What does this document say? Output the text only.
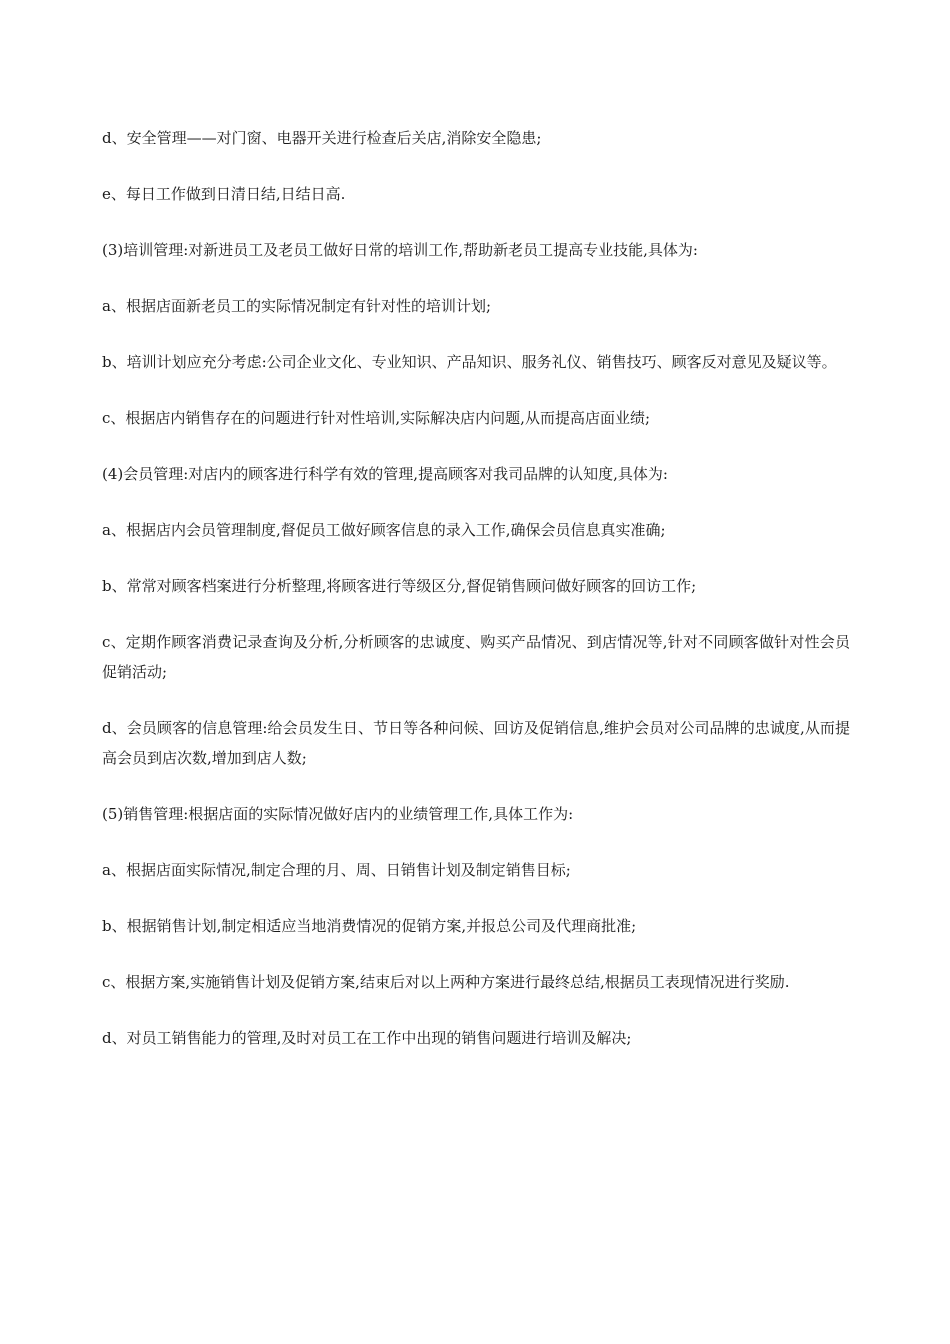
d、安全管理——对门窗、电器开关进行检查后关店,消除安全隐患;

e、每日工作做到日清日结,日结日高.

(3)培训管理:对新进员工及老员工做好日常的培训工作,帮助新老员工提高专业技能,具体为:

a、根据店面新老员工的实际情况制定有针对性的培训计划;

b、培训计划应充分考虑:公司企业文化、专业知识、产品知识、服务礼仪、销售技巧、顾客反对意见及疑议等。

c、根据店内销售存在的问题进行针对性培训,实际解决店内问题,从而提高店面业绩;

(4)会员管理:对店内的顾客进行科学有效的管理,提高顾客对我司品牌的认知度,具体为:

a、根据店内会员管理制度,督促员工做好顾客信息的录入工作,确保会员信息真实准确;

b、常常对顾客档案进行分析整理,将顾客进行等级区分,督促销售顾问做好顾客的回访工作;

c、定期作顾客消费记录查询及分析,分析顾客的忠诚度、购买产品情况、到店情况等,针对不同顾客做针对性会员促销活动;

d、会员顾客的信息管理:给会员发生日、节日等各种问候、回访及促销信息,维护会员对公司品牌的忠诚度,从而提高会员到店次数,增加到店人数;

(5)销售管理:根据店面的实际情况做好店内的业绩管理工作,具体工作为:

a、根据店面实际情况,制定合理的月、周、日销售计划及制定销售目标;

b、根据销售计划,制定相适应当地消费情况的促销方案,并报总公司及代理商批准;

c、根据方案,实施销售计划及促销方案,结束后对以上两种方案进行最终总结,根据员工表现情况进行奖励.

d、对员工销售能力的管理,及时对员工在工作中出现的销售问题进行培训及解决;
